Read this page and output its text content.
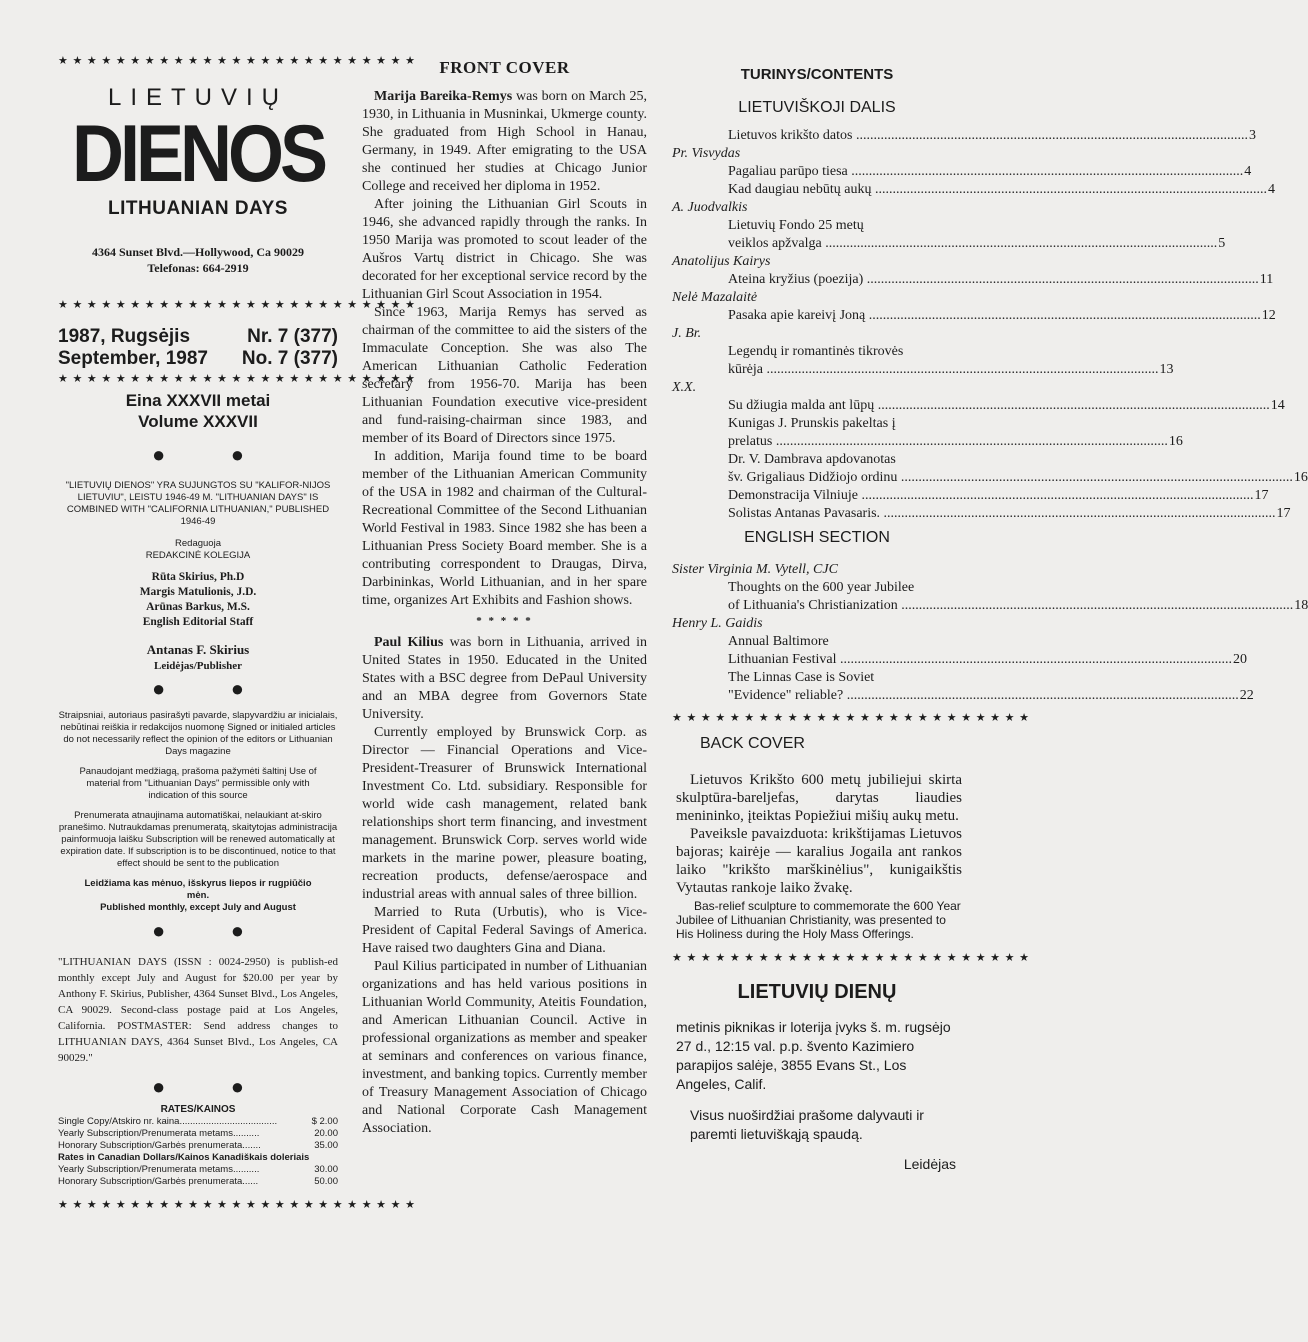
★★★★★★★★★★★★★★★★★★★★★★★★★
LIETUVIŲ
DIENOS
LITHUANIAN DAYS
4364 Sunset Blvd.—Hollywood, Ca 90029
Telefonas: 664-2919
★★★★★★★★★★★★★★★★★★★★★★★★★
1987, Rugsėjis	Nr. 7 (377)
September, 1987 No. 7 (377)
★★★★★★★★★★★★★★★★★★★★★★★★★
Eina XXXVII metai
Volume XXXVII
● ●
"LIETUVIŲ DIENOS" YRA SUJUNGTOS SU "KALIFOR-NIJOS LIETUVIU", LEISTU 1946-49 M. "LITHUANIAN DAYS" IS COMBINED WITH "CALIFORNIA LITHUANIAN," PUBLISHED 1946-49
Redaguoja
REDAKCINĖ KOLEGIJA
Rūta Skirius, Ph.D
Margis Matulionis, J.D.
Arūnas Barkus, M.S.
English Editorial Staff
Antanas F. Skirius
Leidėjas/Publisher
● ●
Straipsniai, autoriaus pasirašyti pavarde, slapyvardžiu ar inicialais, nebūtinai reiškia ir redakcijos nuomonę Signed or initialed articles do not necessarily reflect the opinion of the editors or Lithuanian Days magazine
Panaudojant medžiagą, prašoma pažymėti šaltinį Use of material from "Lithuanian Days" permissible only with indication of this source
Prenumerata atnaujinama automatiškai, nelaukiant at-skiro pranešimo. Nutraukdamas prenumeratą, skaitytojas administracija painformuoja laišku Subscription will be renewed automatically at expiration date. If subscription is to be discontinued, notice to that effect should be sent to the publication
Leidžiama kas mėnuo, išskyrus liepos ir rugpiūčio mėn.
Published monthly, except July and August
● ●
"LITHUANIAN DAYS (ISSN : 0024-2950) is publish-ed monthly except July and August for $20.00 per year by Anthony F. Skirius, Publisher, 4364 Sunset Blvd., Los Angeles, CA 90029. Second-class postage paid at Los Angeles, California. POSTMASTER: Send address changes to LITHUANIAN DAYS, 4364 Sunset Blvd., Los Angeles, CA 90029."
● ●
RATES/KAINOS
Single Copy/Atskiro nr. kaina.....................................	$ 2.00
Yearly Subscription/Prenumerata metams..........	20.00
Honorary Subscription/Garbės prenumerata.......	35.00
Rates in Canadian Dollars/Kainos Kanadiškais doleriais	
Yearly Subscription/Prenumerata metams..........	30.00
Honorary Subscription/Garbės prenumerata......	50.00
★★★★★★★★★★★★★★★★★★★★★★★★★
FRONT COVER

Marija Bareika-Remys was born on March 25, 1930, in Lithuania in Musninkai, Ukmerge county. She graduated from High School in Hanau, Germany, in 1949. After emigrating to the USA she continued her studies at Chicago Junior College and received her diploma in 1952.

After joining the Lithuanian Girl Scouts in 1946, she advanced rapidly through the ranks. In 1950 Marija was promoted to scout leader of the Aušros Vartų district in Chicago. She was decorated for her exceptional service record by the Lithuanian Girl Scout Association in 1954.

Since 1963, Marija Remys has served as chairman of the committee to aid the sisters of the Immaculate Conception. She was also The American Lithuanian Catholic Federation secretary from 1956-70. Marija has been Lithuanian Foundation executive vice-president and fund-raising-chairman since 1983, and member of its Board of Directors since 1975.

In addition, Marija found time to be board member of the Lithuanian American Community of the USA in 1982 and chairman of the Cultural-Recreational Committee of the Second Lithuanian World Festival in 1983. Since 1982 she has been a Lithuanian Press Society Board member. She is a contributing correspondent to Draugas, Dirva, Darbininkas, World Lithuanian, and in her spare time, organizes Art Exhibits and Fashion shows.

* * * * *

Paul Kilius was born in Lithuania, arrived in United States in 1950. Educated in the United States with a BSC degree from DePaul University and an MBA degree from Governors State University.

Currently employed by Brunswick Corp. as Director — Financial Operations and Vice-President-Treasurer of Brunswick International Investment Co. Ltd. subsidiary. Responsible for world wide cash management, related bank relationships short term financing, and investment management. Brunswick Corp. serves world wide markets in the marine power, pleasure boating, recreation products, defense/aerospace and industrial areas with annual sales of three billion.

Married to Ruta (Urbutis), who is Vice-President of Capital Federal Savings of America. Have raised two daughters Gina and Diana.

Paul Kilius participated in number of Lithuanian organizations and has held various positions in Lithuanian World Community, Ateitis Foundation, and American Lithuanian Council. Active in professional organizations as member and speaker at seminars and conferences on various finance, investment, and banking topics. Currently member of Treasury Management Association of Chicago and National Corporate Cash Management Association.

TURINYS/CONTENTS
LIETUVIŠKOJI DALIS
Lietuvos krikšto datos .....	3
Pr. Visvydas
Pagaliau parūpo tiesa .....	4
Kad daugiau nebūtų aukų .....	4
A. Juodvalkis
Lietuvių Fondo 25 metų
veiklos apžvalga .....	5
Anatolijus Kairys
Ateina kryžius (poezija) .....	11
Nelė Mazalaitė
Pasaka apie kareivį Joną .....	12
J. Br.
Legendų ir romantinės tikrovės
kūrėja .....	13
X.X.
Su džiugia malda ant lūpų .....	14
Kunigas J. Prunskis pakeltas į
prelatus .....	16
Dr. V. Dambrava apdovanotas
šv. Grigaliaus Didžiojo ordinu .....	16
Demonstracija Vilniuje .....	17
Solistas Antanas Pavasaris. .....	17
ENGLISH SECTION
Sister Virginia M. Vytell, CJC
Thoughts on the 600 year Jubilee
of Lithuania's Christianization .....	18
Henry L. Gaidis
Annual Baltimore
Lithuanian Festival .....	20
The Linnas Case is Soviet
"Evidence" reliable? .....	22
★★★★★★★★★★★★★★★★★★★★★★★★★
BACK COVER

Lietuvos Krikšto 600 metų jubiliejui skirta skulptūra-bareljefas, darytas liaudies menininko, įteiktas Popiežiui mišių aukų metu.

Paveiksle pavaizduota: krikštijamas Lietuvos bajoras; kairėje — karalius Jogaila ant rankos laiko "krikšto marškinėlius", kunigaikštis Vytautas rankoje laiko žvakę.

Bas-relief sculpture to commemorate the 600 Year Jubilee of Lithuanian Christianity, was presented to His Holiness during the Holy Mass Offerings.
★★★★★★★★★★★★★★★★★★★★★★★★★
LIETUVIŲ DIENŲ
metinis piknikas ir loterija įvyks š. m. rugsėjo 27 d., 12:15 val. p.p. švento Kazimiero parapijos salėje, 3855 Evans St., Los Angeles, Calif.
Visus nuoširdžiai prašome dalyvauti ir paremti lietuviškąją spaudą.
Leidėjas
